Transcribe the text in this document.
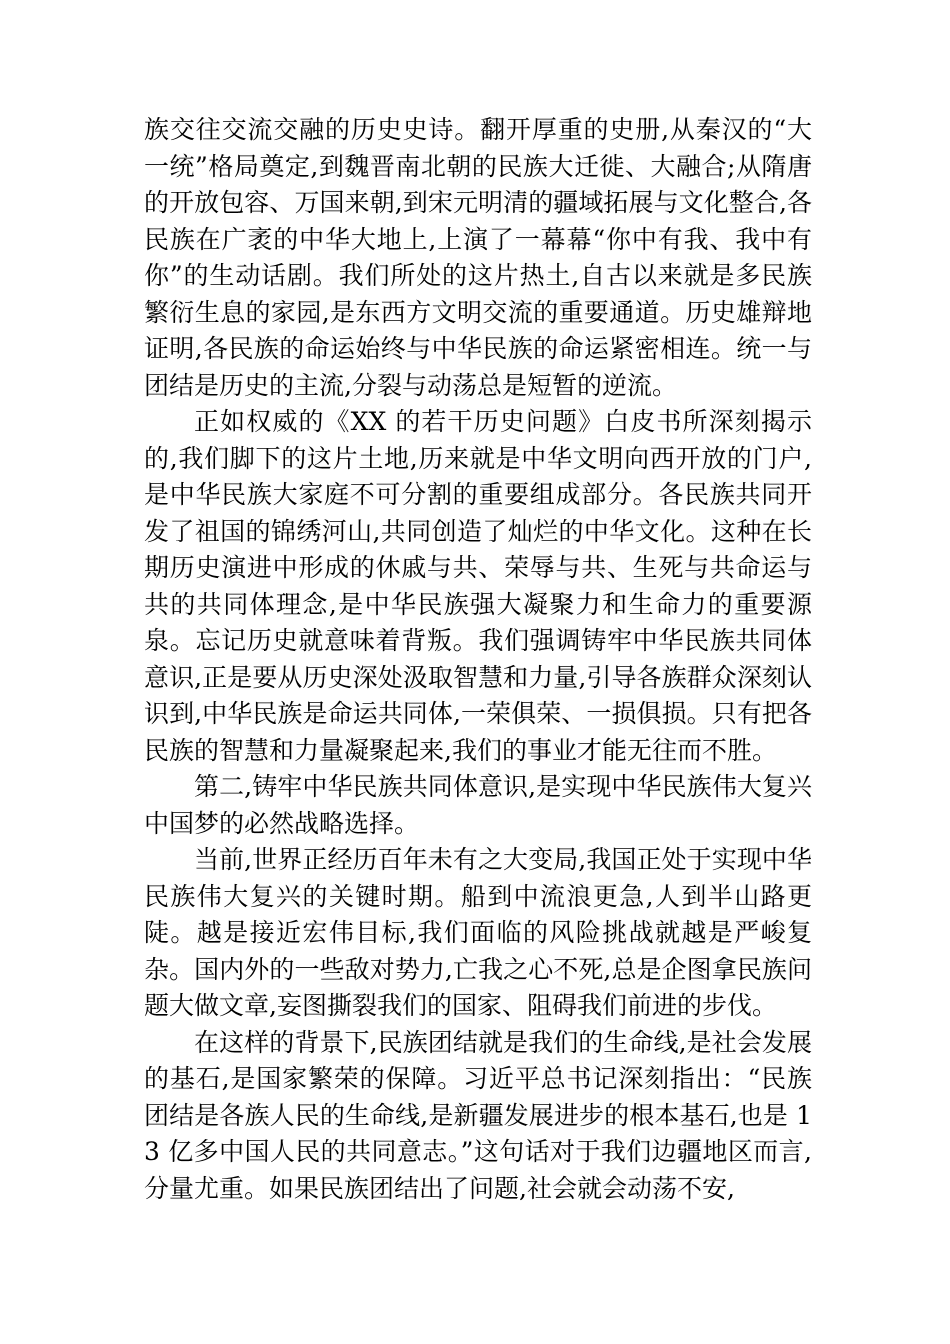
族交往交流交融的历史史诗。翻开厚重的史册,从秦汉的“大一统”格局奠定,到魏晋南北朝的民族大迁徙、大融合;从隋唐的开放包容、万国来朝,到宋元明清的疆域拓展与文化整合,各民族在广袤的中华大地上,上演了一幕幕“你中有我、我中有你”的生动话剧。我们所处的这片热土,自古以来就是多民族繁衍生息的家园,是东西方文明交流的重要通道。历史雄辩地证明,各民族的命运始终与中华民族的命运紧密相连。统一与团结是历史的主流,分裂与动荡总是短暂的逆流。

正如权威的《XX 的若干历史问题》白皮书所深刻揭示的,我们脚下的这片土地,历来就是中华文明向西开放的门户,是中华民族大家庭不可分割的重要组成部分。各民族共同开发了祖国的锦绣河山,共同创造了灿烂的中华文化。这种在长期历史演进中形成的休戚与共、荣辱与共、生死与共命运与共的共同体理念,是中华民族强大凝聚力和生命力的重要源泉。忘记历史就意味着背叛。我们强调铸牢中华民族共同体意识,正是要从历史深处汲取智慧和力量,引导各族群众深刻认识到,中华民族是命运共同体,一荣俱荣、一损俱损。只有把各民族的智慧和力量凝聚起来,我们的事业才能无往而不胜。

第二,铸牢中华民族共同体意识,是实现中华民族伟大复兴中国梦的必然战略选择。

当前,世界正经历百年未有之大变局,我国正处于实现中华民族伟大复兴的关键时期。船到中流浪更急,人到半山路更陡。越是接近宏伟目标,我们面临的风险挑战就越是严峻复杂。国内外的一些敌对势力,亡我之心不死,总是企图拿民族问题大做文章,妄图撕裂我们的国家、阻碍我们前进的步伐。

在这样的背景下,民族团结就是我们的生命线,是社会发展的基石,是国家繁荣的保障。习近平总书记深刻指出：“民族团结是各族人民的生命线,是新疆发展进步的根本基石,也是 13 亿多中国人民的共同意志。”这句话对于我们边疆地区而言,分量尤重。如果民族团结出了问题,社会就会动荡不安,
